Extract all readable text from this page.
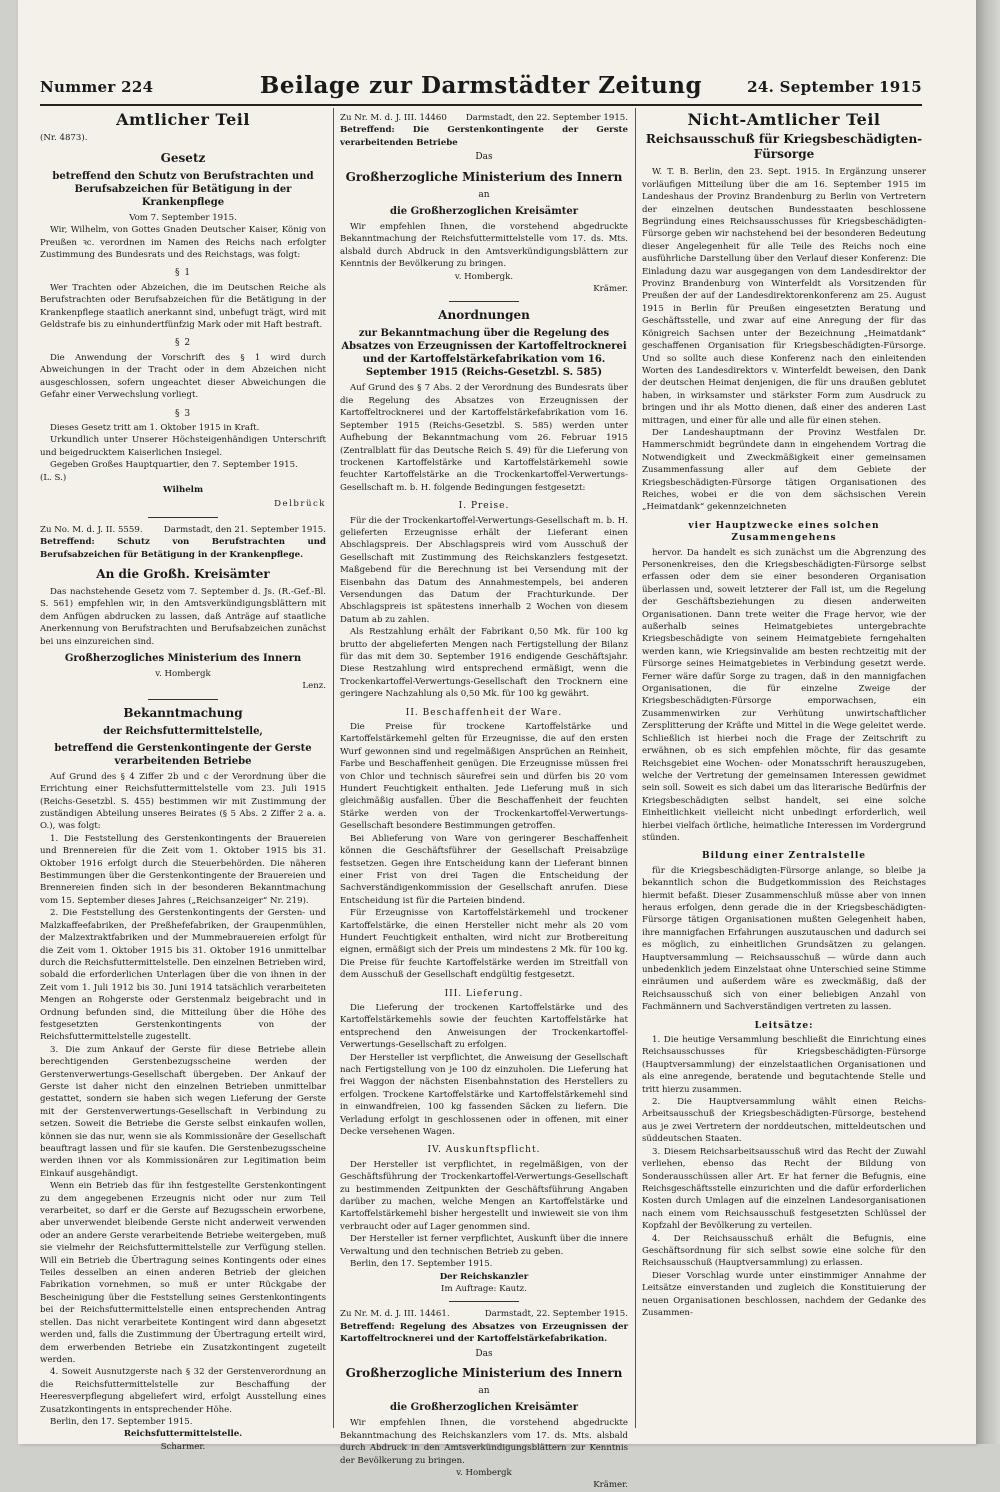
Nummer 224	Beilage zur Darmstädter Zeitung	24. September 1915
Amtlicher Teil
(Nr. 4873).
Gesetz
betreffend den Schutz von Berufstrachten und Berufsabzeichen für Betätigung in der Krankenpflege
Vom 7. September 1915.

Wir, Wilhelm, von Gottes Gnaden Deutscher Kaiser, König von Preußen ꝛc. verordnen im Namen des Reichs nach erfolgter Zustimmung des Bundesrats und des Reichstags, was folgt:

§ 1

Wer Trachten oder Abzeichen, die im Deutschen Reiche als Berufstrachten oder Berufsabzeichen für die Betätigung in der Krankenpflege staatlich anerkannt sind, unbefugt trägt, wird mit Geldstrafe bis zu einhundertfünfzig Mark oder mit Haft bestraft.

§ 2

Die Anwendung der Vorschrift des § 1 wird durch Abweichungen in der Tracht oder in dem Abzeichen nicht ausgeschlossen, sofern ungeachtet dieser Abweichungen die Gefahr einer Verwechslung vorliegt.

§ 3

Dieses Gesetz tritt am 1. Oktober 1915 in Kraft.

Urkundlich unter Unserer Höchsteigenhändigen Unterschrift und beigedrucktem Kaiserlichen Insiegel.

Gegeben Großes Hauptquartier, den 7. September 1915.

(L. S.)
Wilhelm
Delbrück
Zu No. M. d. J. II. 5559. Darmstadt, den 21. September 1915.
Betreffend: Schutz von Berufstrachten und Berufsabzeichen für Betätigung in der Krankenpflege.
An die Großh. Kreisämter

Das nachstehende Gesetz vom 7. September d. Js. (R.-Gef.-Bl. S. 561) empfehlen wir, in den Amtsverkündigungsblättern mit dem Anfügen abdrucken zu lassen, daß Anträge auf staatliche Anerkennung von Berufstrachten und Berufsabzeichen zunächst bei uns einzureichen sind.

Großherzogliches Ministerium des Innern
v. Hombergk
Lenz.
Bekanntmachung
der Reichsfuttermittelstelle,
betreffend die Gerstenkontingente der Gerste verarbeitenden Betriebe

Auf Grund des § 4 Ziffer 2b und c der Verordnung über die Errichtung einer Reichsfuttermittelstelle vom 23. Juli 1915 (Reichs-Gesetzbl. S. 455) bestimmen wir mit Zustimmung der zuständigen Abteilung unseres Beirates (§ 5 Abs. 2 Ziffer 2 a. a. O.), was folgt:

1. Die Feststellung des Gerstenkontingents der Brauereien und Brennereien für die Zeit vom 1. Oktober 1915 bis 31. Oktober 1916 erfolgt durch die Steuerbehörden. Die näheren Bestimmungen über die Gerstenkontingente der Brauereien und Brennereien finden sich in der besonderen Bekanntmachung vom 15. September dieses Jahres („Reichsanzeiger“ Nr. 219).

2. Die Feststellung des Gerstenkontingents der Gersten- und Malzkaffeefabriken, der Preßhefefabriken, der Graupenmühlen, der Malzextraktfabriken und der Mummebrauereien erfolgt für die Zeit vom 1. Oktober 1915 bis 31. Oktober 1916 unmittelbar durch die Reichsfuttermittelstelle. Den einzelnen Betrieben wird, sobald die erforderlichen Unterlagen über die von ihnen in der Zeit vom 1. Juli 1912 bis 30. Juni 1914 tatsächlich verarbeiteten Mengen an Rohgerste oder Gerstenmalz beigebracht und in Ordnung befunden sind, die Mitteilung über die Höhe des festgesetzten Gerstenkontingents von der Reichsfuttermittelstelle zugestellt.

3. Die zum Ankauf der Gerste für diese Betriebe allein berechtigenden Gerstenbezugsscheine werden der Gerstenverwertungs-Gesellschaft übergeben. Der Ankauf der Gerste ist daher nicht den einzelnen Betrieben unmittelbar gestattet, sondern sie haben sich wegen Lieferung der Gerste mit der Gerstenverwertungs-Gesellschaft in Verbindung zu setzen. Soweit die Betriebe die Gerste selbst einkaufen wollen, können sie das nur, wenn sie als Kommissionäre der Gesellschaft beauftragt lassen und für sie kaufen. Die Gerstenbezugsscheine werden ihnen vor als Kommissionären zur Legitimation beim Einkauf ausgehändigt.

Wenn ein Betrieb das für ihn festgestellte Gerstenkontingent zu dem angegebenen Erzeugnis nicht oder nur zum Teil verarbeitet, so darf er die Gerste auf Bezugsschein erworbene, aber unverwendet bleibende Gerste nicht anderweit verwenden oder an andere Gerste verarbeitende Betriebe weitergeben, muß sie vielmehr der Reichsfuttermittelstelle zur Verfügung stellen. Will ein Betrieb die Übertragung seines Kontingents oder eines Teiles desselben an einen anderen Betrieb der gleichen Fabrikation vornehmen, so muß er unter Rückgabe der Bescheinigung über die Feststellung seines Gerstenkontingents bei der Reichsfuttermittelstelle einen entsprechenden Antrag stellen. Das nicht verarbeitete Kontingent wird dann abgesetzt werden und, falls die Zustimmung der Übertragung erteilt wird, dem erwerbenden Betriebe ein Zusatzkontingent zugeteilt werden.

4. Soweit Ausnutzgerste nach § 32 der Gerstenverordnung an die Reichsfuttermittelstelle zur Beschaffung der Heeresverpflegung abgeliefert wird, erfolgt Ausstellung eines Zusatzkontingents in entsprechender Höhe.

Berlin, den 17. September 1915.

Reichsfuttermittelstelle.
Scharmer.
Zu Nr. M. d. J. III. 14460 Darmstadt, den 22. September 1915.
Betreffend: Die Gerstenkontingente der Gerste verarbeitenden Betriebe
Das
Großherzogliche Ministerium des Innern
an
die Großherzoglichen Kreisämter

Wir empfehlen Ihnen, die vorstehend abgedruckte Bekanntmachung der Reichsfuttermittelstelle vom 17. ds. Mts. alsbald durch Abdruck in den Amtsverkündigungsblättern zur Kenntnis der Bevölkerung zu bringen.

v. Hombergk.
Krämer.
Anordnungen
zur Bekanntmachung über die Regelung des Absatzes von Erzeugnissen der Kartoffeltrocknerei und der Kartoffelstärkefabrikation vom 16. September 1915 (Reichs-Gesetzbl. S. 585)

Auf Grund des § 7 Abs. 2 der Verordnung des Bundesrats über die Regelung des Absatzes von Erzeugnissen der Kartoffeltrocknerei und der Kartoffelstärkefabrikation vom 16. September 1915 (Reichs-Gesetzbl. S. 585) werden unter Aufhebung der Bekanntmachung vom 26. Februar 1915 (Zentralblatt für das Deutsche Reich S. 49) für die Lieferung von trockenen Kartoffelstärke und Kartoffelstärkemehl sowie feuchter Kartoffelstärke an die Trockenkartoffel-Verwertungs-Gesellschaft m. b. H. folgende Bedingungen festgesetzt:

I. Preise.

Für die der Trockenkartoffel-Verwertungs-Gesellschaft m. b. H. gelieferten Erzeugnisse erhält der Lieferant einen Abschlagspreis. Der Abschlagspreis wird vom Ausschuß der Gesellschaft mit Zustimmung des Reichskanzlers festgesetzt. Maßgebend für die Berechnung ist bei Versendung mit der Eisenbahn das Datum des Annahmestempels, bei anderen Versendungen das Datum der Frachturkunde. Der Abschlagspreis ist spätestens innerhalb 2 Wochen von diesem Datum ab zu zahlen.

Als Restzahlung erhält der Fabrikant 0,50 Mk. für 100 kg brutto der abgelieferten Mengen nach Fertigstellung der Bilanz für das mit dem 30. September 1916 endigende Geschäftsjahr. Diese Restzahlung wird entsprechend ermäßigt, wenn die Trockenkartoffel-Verwertungs-Gesellschaft den Trocknern eine geringere Nachzahlung als 0,50 Mk. für 100 kg gewährt.

II. Beschaffenheit der Ware.

Die Preise für trockene Kartoffelstärke und Kartoffelstärkemehl gelten für Erzeugnisse, die auf den ersten Wurf gewonnen sind und regelmäßigen Ansprüchen an Reinheit, Farbe und Beschaffenheit genügen. Die Erzeugnisse müssen frei von Chlor und technisch säurefrei sein und dürfen bis 20 vom Hundert Feuchtigkeit enthalten. Jede Lieferung muß in sich gleichmäßig ausfallen. Über die Beschaffenheit der feuchten Stärke werden von der Trockenkartoffel-Verwertungs-Gesellschaft besondere Bestimmungen getroffen.

Bei Ablieferung von Ware von geringerer Beschaffenheit können die Geschäftsführer der Gesellschaft Preisabzüge festsetzen. Gegen ihre Entscheidung kann der Lieferant binnen einer Frist von drei Tagen die Entscheidung der Sachverständigenkommission der Gesellschaft anrufen. Diese Entscheidung ist für die Parteien bindend.

Für Erzeugnisse von Kartoffelstärkemehl und trockener Kartoffelstärke, die einen Hersteller nicht mehr als 20 vom Hundert Feuchtigkeit enthalten, wird nicht zur Brotbereitung eignen, ermäßigt sich der Preis um mindestens 2 Mk. für 100 kg. Die Preise für feuchte Kartoffelstärke werden im Streitfall von dem Ausschuß der Gesellschaft endgültig festgesetzt.

III. Lieferung.

Die Lieferung der trockenen Kartoffelstärke und des Kartoffelstärkemehls sowie der feuchten Kartoffelstärke hat entsprechend den Anweisungen der Trockenkartoffel-Verwertungs-Gesellschaft zu erfolgen.

Der Hersteller ist verpflichtet, die Anweisung der Gesellschaft nach Fertigstellung von je 100 dz einzuholen. Die Lieferung hat frei Waggon der nächsten Eisenbahnstation des Herstellers zu erfolgen. Trockene Kartoffelstärke und Kartoffelstärkemehl sind in einwandfreien, 100 kg fassenden Säcken zu liefern. Die Verladung erfolgt in geschlossenen oder in offenen, mit einer Decke versehenen Wagen.

IV. Auskunftspflicht.

Der Hersteller ist verpflichtet, in regelmäßigen, von der Geschäftsführung der Trockenkartoffel-Verwertungs-Gesellschaft zu bestimmenden Zeitpunkten der Geschäftsführung Angaben darüber zu machen, welche Mengen an Kartoffelstärke und Kartoffelstärkemehl bisher hergestellt und inwieweit sie von ihm verbraucht oder auf Lager genommen sind.

Der Hersteller ist ferner verpflichtet, Auskunft über die innere Verwaltung und den technischen Betrieb zu geben.

Berlin, den 17. September 1915.

Der Reichskanzler
Im Auftrage: Kautz.
Zu Nr. M. d. J. III. 14461.	Darmstadt, 22. September 1915.
Betreffend: Regelung des Absatzes von Erzeugnissen der Kartoffeltrocknerei und der Kartoffelstärkefabrikation.
Das
Großherzogliche Ministerium des Innern
an
die Großherzoglichen Kreisämter

Wir empfehlen Ihnen, die vorstehend abgedruckte Bekanntmachung des Reichskanzlers vom 17. ds. Mts. alsbald durch Abdruck in den Amtsverkündigungsblättern zur Kenntnis der Bevölkerung zu bringen.

v. Hombergk
Krämer.
Nicht-Amtlicher Teil
Reichsausschuß für Kriegsbeschädigten-Fürsorge

W. T. B. Berlin, den 23. Sept. 1915. In Ergänzung unserer vorläufigen Mitteilung über die am 16. September 1915 im Landeshaus der Provinz Brandenburg zu Berlin von Vertretern der einzelnen deutschen Bundesstaaten beschlossene Begründung eines Reichsausschusses für Kriegsbeschädigten-Fürsorge geben wir nachstehend bei der besonderen Bedeutung dieser Angelegenheit für alle Teile des Reichs noch eine ausführliche Darstellung über den Verlauf dieser Konferenz: Die Einladung dazu war ausgegangen von dem Landesdirektor der Provinz Brandenburg von Winterfeldt als Vorsitzenden für Preußen der auf der Landesdirektorenkonferenz am 25. August 1915 in Berlin für Preußen eingesetzten Beratung und Geschäftsstelle, und zwar auf eine Anregung der für das Königreich Sachsen unter der Bezeichnung „Heimatdank“ geschaffenen Organisation für Kriegsbeschädigten-Fürsorge. Und so sollte auch diese Konferenz nach den einleitenden Worten des Landesdirektors v. Winterfeldt beweisen, den Dank der deutschen Heimat denjenigen, die für uns draußen geblutet haben, in wirksamster und stärkster Form zum Ausdruck zu bringen und ihr als Motto dienen, daß einer des anderen Last mittragen, und einer für alle und alle für einen stehen.

Der Landeshauptmann der Provinz Westfalen Dr. Hammerschmidt begründete dann in eingehendem Vortrag die Notwendigkeit und Zweckmäßigkeit einer gemeinsamen Zusammenfassung aller auf dem Gebiete der Kriegsbeschädigten-Fürsorge tätigen Organisationen des Reiches, wobei er die von dem sächsischen Verein „Heimatdank“ gekennzeichneten

vier Hauptzwecke eines solchen Zusammengehens

hervor. Da handelt es sich zunächst um die Abgrenzung des Personenkreises, den die Kriegsbeschädigten-Fürsorge selbst erfassen oder dem sie einer besonderen Organisation überlassen und, soweit letzterer der Fall ist, um die Regelung der Geschäftsbeziehungen zu diesen anderweiten Organisationen. Dann trete weiter die Frage hervor, wie der außerhalb seines Heimatgebietes untergebrachte Kriegsbeschädigte von seinem Heimatgebiete ferngehalten werden kann, wie Kriegsinvalide am besten rechtzeitig mit der Fürsorge seines Heimatgebietes in Verbindung gesetzt werde. Ferner wäre dafür Sorge zu tragen, daß in den mannigfachen Organisationen, die für einzelne Zweige der Kriegsbeschädigten-Fürsorge emporwachsen, ein Zusammenwirken zur Verhütung unwirtschaftlicher Zersplitterung der Kräfte und Mittel in die Wege geleitet werde. Schließlich ist hierbei noch die Frage der Zeitschrift zu erwähnen, ob es sich empfehlen möchte, für das gesamte Reichsgebiet eine Wochen- oder Monatsschrift herauszugeben, welche der Vertretung der gemeinsamen Interessen gewidmet sein soll. Soweit es sich dabei um das literarische Bedürfnis der Kriegsbeschädigten selbst handelt, sei eine solche Einheitlichkeit vielleicht nicht unbedingt erforderlich, weil hierbei vielfach örtliche, heimatliche Interessen im Vordergrund stünden.

Bildung einer Zentralstelle

für die Kriegsbeschädigten-Fürsorge anlange, so bleibe ja bekanntlich schon die Budgetkommission des Reichstages hiermit befaßt. Dieser Zusammenschluß müsse aber von innen heraus erfolgen, denn gerade die in der Kriegsbeschädigten-Fürsorge tätigen Organisationen mußten Gelegenheit haben, ihre mannigfachen Erfahrungen auszutauschen und dadurch sei es möglich, zu einheitlichen Grundsätzen zu gelangen. Hauptversammlung — Reichsausschuß — würde dann auch unbedenklich jedem Einzelstaat ohne Unterschied seine Stimme einräumen und außerdem wäre es zweckmäßig, daß der Reichsausschuß sich von einer beliebigen Anzahl von Fachmännern und Sachverständigen vertreten zu lassen.

Leitsätze:

1. Die heutige Versammlung beschließt die Einrichtung eines Reichsausschusses für Kriegsbeschädigten-Fürsorge (Hauptversammlung) der einzelstaatlichen Organisationen und als eine anregende, beratende und begutachtende Stelle und tritt hierzu zusammen.

2. Die Hauptversammlung wählt einen Reichs-Arbeitsausschuß der Kriegsbeschädigten-Fürsorge, bestehend aus je zwei Vertretern der norddeutschen, mitteldeutschen und süddeutschen Staaten.

3. Diesem Reichsarbeitsausschuß wird das Recht der Zuwahl verliehen, ebenso das Recht der Bildung von Sonderausschüssen aller Art. Er hat ferner die Befugnis, eine Reichsgeschäftsstelle einzurichten und die dafür erforderlichen Kosten durch Umlagen auf die einzelnen Landesorganisationen nach einem vom Reichsausschuß festgesetzten Schlüssel der Kopfzahl der Bevölkerung zu verteilen.

4. Der Reichsausschuß erhält die Befugnis, eine Geschäftsordnung für sich selbst sowie eine solche für den Reichsausschuß (Hauptversammlung) zu erlassen.

Dieser Vorschlag wurde unter einstimmiger Annahme der Leitsätze einverstanden und zugleich die Konstituierung der neuen Organisationen beschlossen, nachdem der Gedanke des Zusammen-
